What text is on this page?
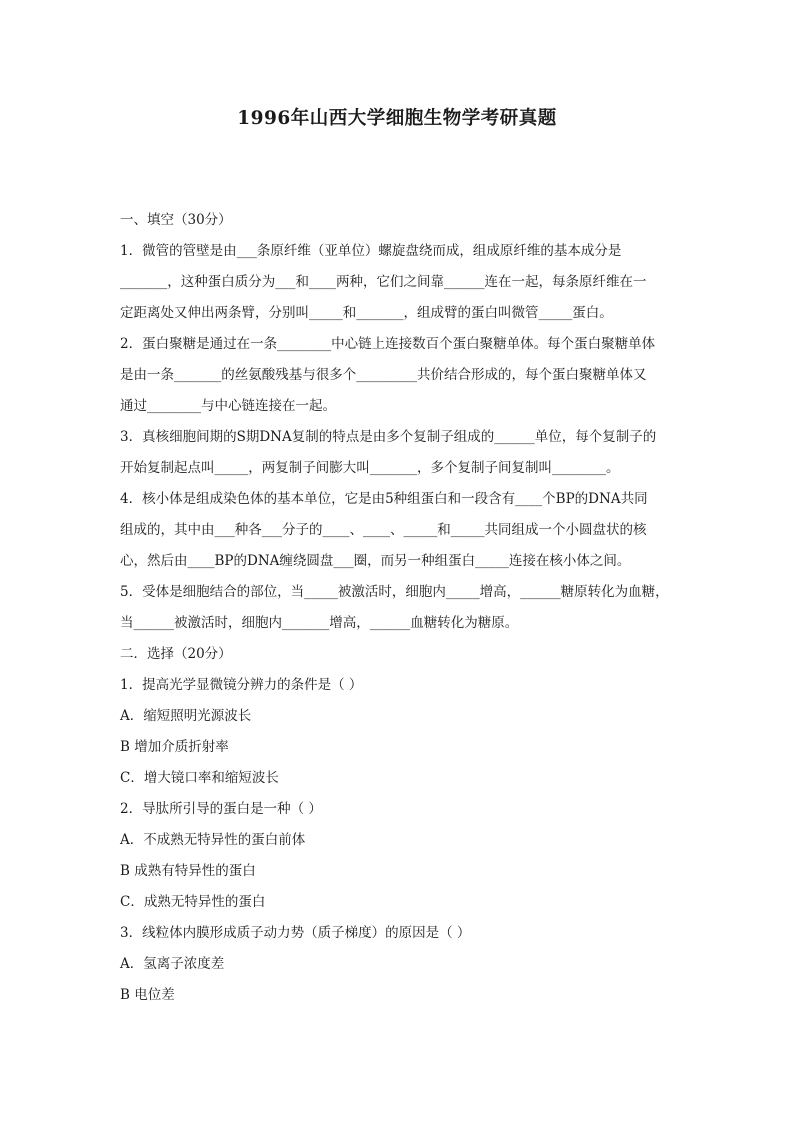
1996年山西大学细胞生物学考研真题
一、填空（30分）
1．微管的管壁是由___条原纤维（亚单位）螺旋盘绕而成，组成原纤维的基本成分是
_______，这种蛋白质分为___和____两种，它们之间靠______连在一起，每条原纤维在一
定距离处又伸出两条臂，分别叫_____和_______，组成臂的蛋白叫微管_____蛋白。
2．蛋白聚糖是通过在一条________中心链上连接数百个蛋白聚糖单体。每个蛋白聚糖单体
是由一条_______的丝氨酸残基与很多个_________共价结合形成的，每个蛋白聚糖单体又
通过________与中心链连接在一起。
3．真核细胞间期的S期DNA复制的特点是由多个复制子组成的______单位，每个复制子的
开始复制起点叫_____，两复制子间膨大叫_______，多个复制子间复制叫________。
4．核小体是组成染色体的基本单位，它是由5种组蛋白和一段含有____个BP的DNA共同
组成的，其中由___种各___分子的____、____、_____和_____共同组成一个小圆盘状的核
心，然后由____BP的DNA缠绕圆盘___圈，而另一种组蛋白_____连接在核小体之间。
5．受体是细胞结合的部位，当_____被激活时，细胞内_____增高，______糖原转化为血糖，
当______被激活时，细胞内_______增高，______血糖转化为糖原。
二．选择（20分）
1．提高光学显微镜分辨力的条件是（ ）
A．缩短照明光源波长
B 增加介质折射率
C．增大镜口率和缩短波长
2．导肽所引导的蛋白是一种（ ）
A．不成熟无特异性的蛋白前体
B 成熟有特异性的蛋白
C．成熟无特异性的蛋白
3．线粒体内膜形成质子动力势（质子梯度）的原因是（ ）
A．氢离子浓度差
B 电位差
